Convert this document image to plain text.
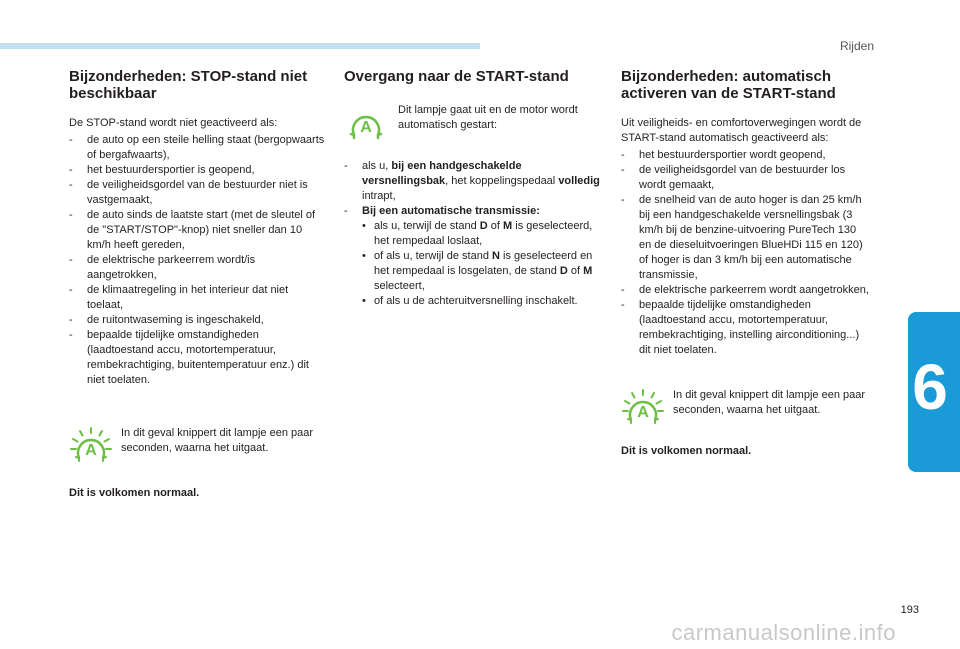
Rijden
6
Bijzonderheden: STOP-stand niet beschikbaar

De STOP-stand wordt niet geactiveerd als:

- de auto op een steile helling staat (bergopwaarts of bergafwaarts),
- het bestuurdersportier is geopend,
- de veiligheidsgordel van de bestuurder niet is vastgemaakt,
- de auto sinds de laatste start (met de sleutel of de "START/STOP"-knop) niet sneller dan 10 km/h heeft gereden,
- de elektrische parkeerrem wordt/is aangetrokken,
- de klimaatregeling in het interieur dat niet toelaat,
- de ruitontwaseming is ingeschakeld,
- bepaalde tijdelijke omstandigheden (laadtoestand accu, motortemperatuur, rembekrachtiging, buitentemperatuur enz.) dit niet toelaten.
A
In dit geval knippert dit lampje een paar seconden, waarna het uitgaat.

Dit is volkomen normaal.

Overgang naar de START-stand
A
Dit lampje gaat uit en de motor wordt automatisch gestart:
- als u, bij een handgeschakelde versnellingsbak, het koppelingspedaal volledig intrapt,
- Bij een automatische transmissie:
• als u, terwijl de stand D of M is geselecteerd, het rempedaal loslaat,
• of als u, terwijl de stand N is geselecteerd en het rempedaal is losgelaten, de stand D of M selecteert,
• of als u de achteruitversnelling inschakelt.
Bijzonderheden: automatisch activeren van de START-stand

Uit veiligheids- en comfortoverwegingen wordt de START-stand automatisch geactiveerd als:

- het bestuurdersportier wordt geopend,
- de veiligheidsgordel van de bestuurder los wordt gemaakt,
- de snelheid van de auto hoger is dan 25 km/h bij een handgeschakelde versnellingsbak (3 km/h bij de benzine-uitvoering PureTech 130 en de dieseluitvoeringen BlueHDi 115 en 120) of hoger is dan 3 km/h bij een automatische transmissie,
- de elektrische parkeerrem wordt aangetrokken,
- bepaalde tijdelijke omstandigheden (laadtoestand accu, motortemperatuur, rembekrachtiging, instelling airconditioning...) dit niet toelaten.
A
In dit geval knippert dit lampje een paar seconden, waarna het uitgaat.

Dit is volkomen normaal.

193
carmanualsonline.info
